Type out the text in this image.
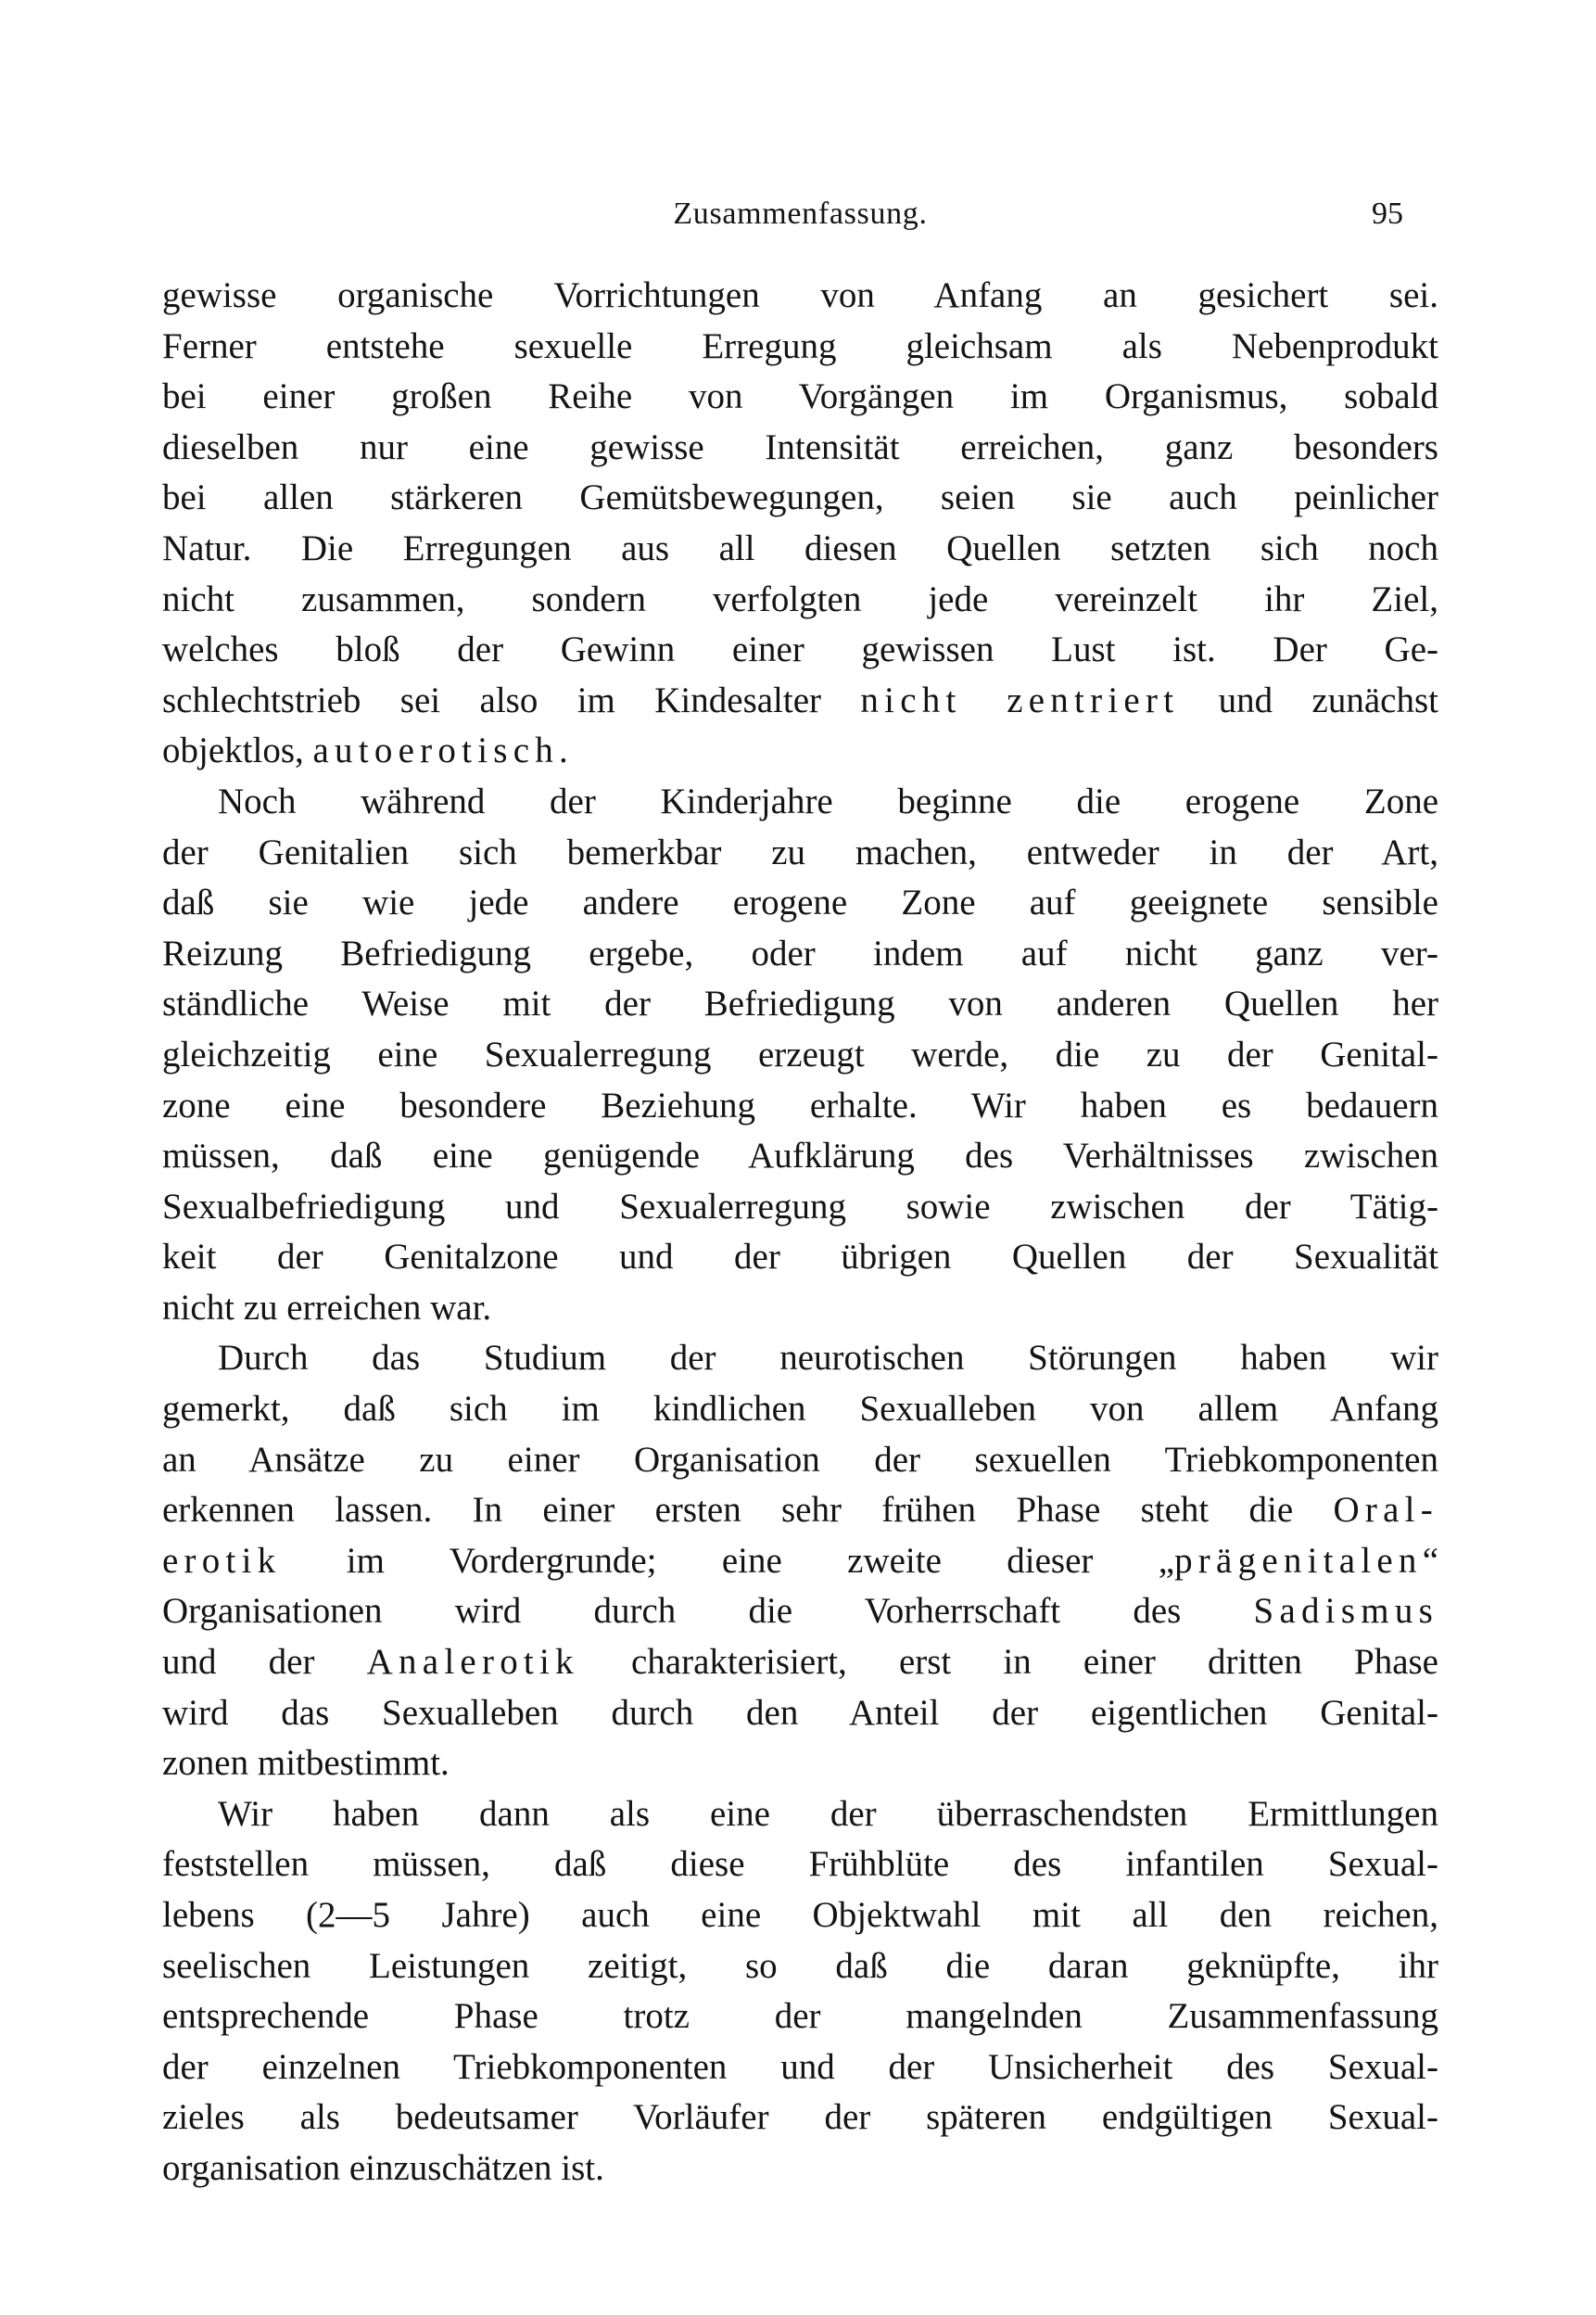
Zusammenfassung.	95
gewisse organische Vorrichtungen von Anfang an gesichert sei.
Ferner entstehe sexuelle Erregung gleichsam als Nebenprodukt
bei einer großen Reihe von Vorgängen im Organismus, sobald
dieselben nur eine gewisse Intensität erreichen, ganz besonders
bei allen stärkeren Gemütsbewegungen, seien sie auch peinlicher
Natur. Die Erregungen aus all diesen Quellen setzten sich noch
nicht zusammen, sondern verfolgten jede vereinzelt ihr Ziel,
welches bloß der Gewinn einer gewissen Lust ist. Der Ge-
schlechtstrieb sei also im Kindesalter nicht zentriert und zunächst
objektlos, autoerotisch.
Noch während der Kinderjahre beginne die erogene Zone
der Genitalien sich bemerkbar zu machen, entweder in der Art,
daß sie wie jede andere erogene Zone auf geeignete sensible
Reizung Befriedigung ergebe, oder indem auf nicht ganz ver-
ständliche Weise mit der Befriedigung von anderen Quellen her
gleichzeitig eine Sexualerregung erzeugt werde, die zu der Genital-
zone eine besondere Beziehung erhalte. Wir haben es bedauern
müssen, daß eine genügende Aufklärung des Verhältnisses zwischen
Sexualbefriedigung und Sexualerregung sowie zwischen der Tätig-
keit der Genitalzone und der übrigen Quellen der Sexualität
nicht zu erreichen war.
Durch das Studium der neurotischen Störungen haben wir
gemerkt, daß sich im kindlichen Sexualleben von allem Anfang
an Ansätze zu einer Organisation der sexuellen Triebkomponenten
erkennen lassen. In einer ersten sehr frühen Phase steht die Oral-
erotik im Vordergrunde; eine zweite dieser „prägenitalen“
Organisationen wird durch die Vorherrschaft des Sadismus
und der Analerotik charakterisiert, erst in einer dritten Phase
wird das Sexualleben durch den Anteil der eigentlichen Genital-
zonen mitbestimmt.
Wir haben dann als eine der überraschendsten Ermittlungen
feststellen müssen, daß diese Frühblüte des infantilen Sexual-
lebens (2—5 Jahre) auch eine Objektwahl mit all den reichen,
seelischen Leistungen zeitigt, so daß die daran geknüpfte, ihr
entsprechende Phase trotz der mangelnden Zusammenfassung
der einzelnen Triebkomponenten und der Unsicherheit des Sexual-
zieles als bedeutsamer Vorläufer der späteren endgültigen Sexual-
organisation einzuschätzen ist.
